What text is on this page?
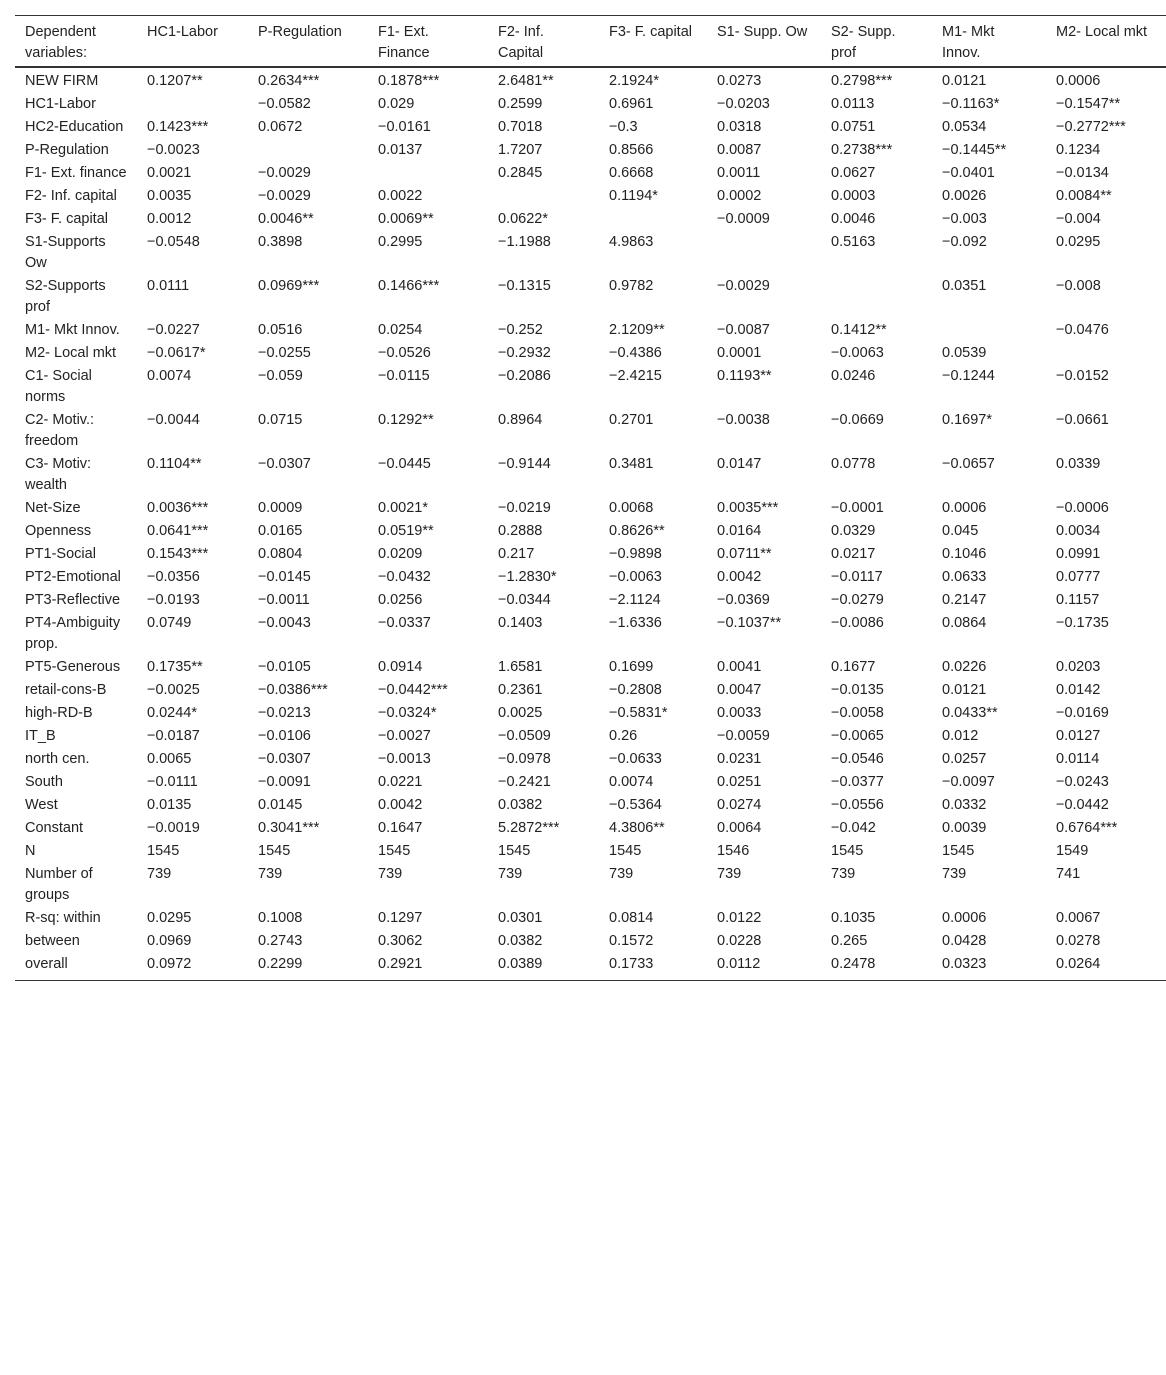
Dependent variables:	HC1-Labor	P-Regulation	F1- Ext. Finance	F2- Inf. Capital	F3- F. capital	S1- Supp. Ow	S2- Supp. prof	M1- Mkt Innov.	M2- Local mkt
NEW FIRM	0.1207**	0.2634***	0.1878***	2.6481**	2.1924*	0.0273	0.2798***	0.0121	0.0006
HC1-Labor		−0.0582	0.029	0.2599	0.6961	−0.0203	0.0113	−0.1163*	−0.1547**
HC2-Education	0.1423***	0.0672	−0.0161	0.7018	−0.3	0.0318	0.0751	0.0534	−0.2772***
P-Regulation	−0.0023		0.0137	1.7207	0.8566	0.0087	0.2738***	−0.1445**	0.1234
F1- Ext. finance	0.0021	−0.0029		0.2845	0.6668	0.0011	0.0627	−0.0401	−0.0134
F2- Inf. capital	0.0035	−0.0029	0.0022		0.1194*	0.0002	0.0003	0.0026	0.0084**
F3- F. capital	0.0012	0.0046**	0.0069**	0.0622*		−0.0009	0.0046	−0.003	−0.004
S1-Supports Ow	−0.0548	0.3898	0.2995	−1.1988	4.9863		0.5163	−0.092	0.0295
S2-Supports prof	0.0111	0.0969***	0.1466***	−0.1315	0.9782	−0.0029		0.0351	−0.008
M1- Mkt Innov.	−0.0227	0.0516	0.0254	−0.252	2.1209**	−0.0087	0.1412**		−0.0476
M2- Local mkt	−0.0617*	−0.0255	−0.0526	−0.2932	−0.4386	0.0001	−0.0063	0.0539	
C1- Social norms	0.0074	−0.059	−0.0115	−0.2086	−2.4215	0.1193**	0.0246	−0.1244	−0.0152
C2- Motiv.: freedom	−0.0044	0.0715	0.1292**	0.8964	0.2701	−0.0038	−0.0669	0.1697*	−0.0661
C3- Motiv: wealth	0.1104**	−0.0307	−0.0445	−0.9144	0.3481	0.0147	0.0778	−0.0657	0.0339
Net-Size	0.0036***	0.0009	0.0021*	−0.0219	0.0068	0.0035***	−0.0001	0.0006	−0.0006
Openness	0.0641***	0.0165	0.0519**	0.2888	0.8626**	0.0164	0.0329	0.045	0.0034
PT1-Social	0.1543***	0.0804	0.0209	0.217	−0.9898	0.0711**	0.0217	0.1046	0.0991
PT2-Emotional	−0.0356	−0.0145	−0.0432	−1.2830*	−0.0063	0.0042	−0.0117	0.0633	0.0777
PT3-Reflective	−0.0193	−0.0011	0.0256	−0.0344	−2.1124	−0.0369	−0.0279	0.2147	0.1157
PT4-Ambiguity prop.	0.0749	−0.0043	−0.0337	0.1403	−1.6336	−0.1037**	−0.0086	0.0864	−0.1735
PT5-Generous	0.1735**	−0.0105	0.0914	1.6581	0.1699	0.0041	0.1677	0.0226	0.0203
retail-cons-B	−0.0025	−0.0386***	−0.0442***	0.2361	−0.2808	0.0047	−0.0135	0.0121	0.0142
high-RD-B	0.0244*	−0.0213	−0.0324*	0.0025	−0.5831*	0.0033	−0.0058	0.0433**	−0.0169
IT_B	−0.0187	−0.0106	−0.0027	−0.0509	0.26	−0.0059	−0.0065	0.012	0.0127
north cen.	0.0065	−0.0307	−0.0013	−0.0978	−0.0633	0.0231	−0.0546	0.0257	0.0114
South	−0.0111	−0.0091	0.0221	−0.2421	0.0074	0.0251	−0.0377	−0.0097	−0.0243
West	0.0135	0.0145	0.0042	0.0382	−0.5364	0.0274	−0.0556	0.0332	−0.0442
Constant	−0.0019	0.3041***	0.1647	5.2872***	4.3806**	0.0064	−0.042	0.0039	0.6764***
N	1545	1545	1545	1545	1545	1546	1545	1545	1549
Number of groups	739	739	739	739	739	739	739	739	741
R-sq: within	0.0295	0.1008	0.1297	0.0301	0.0814	0.0122	0.1035	0.0006	0.0067
between	0.0969	0.2743	0.3062	0.0382	0.1572	0.0228	0.265	0.0428	0.0278
overall	0.0972	0.2299	0.2921	0.0389	0.1733	0.0112	0.2478	0.0323	0.0264
